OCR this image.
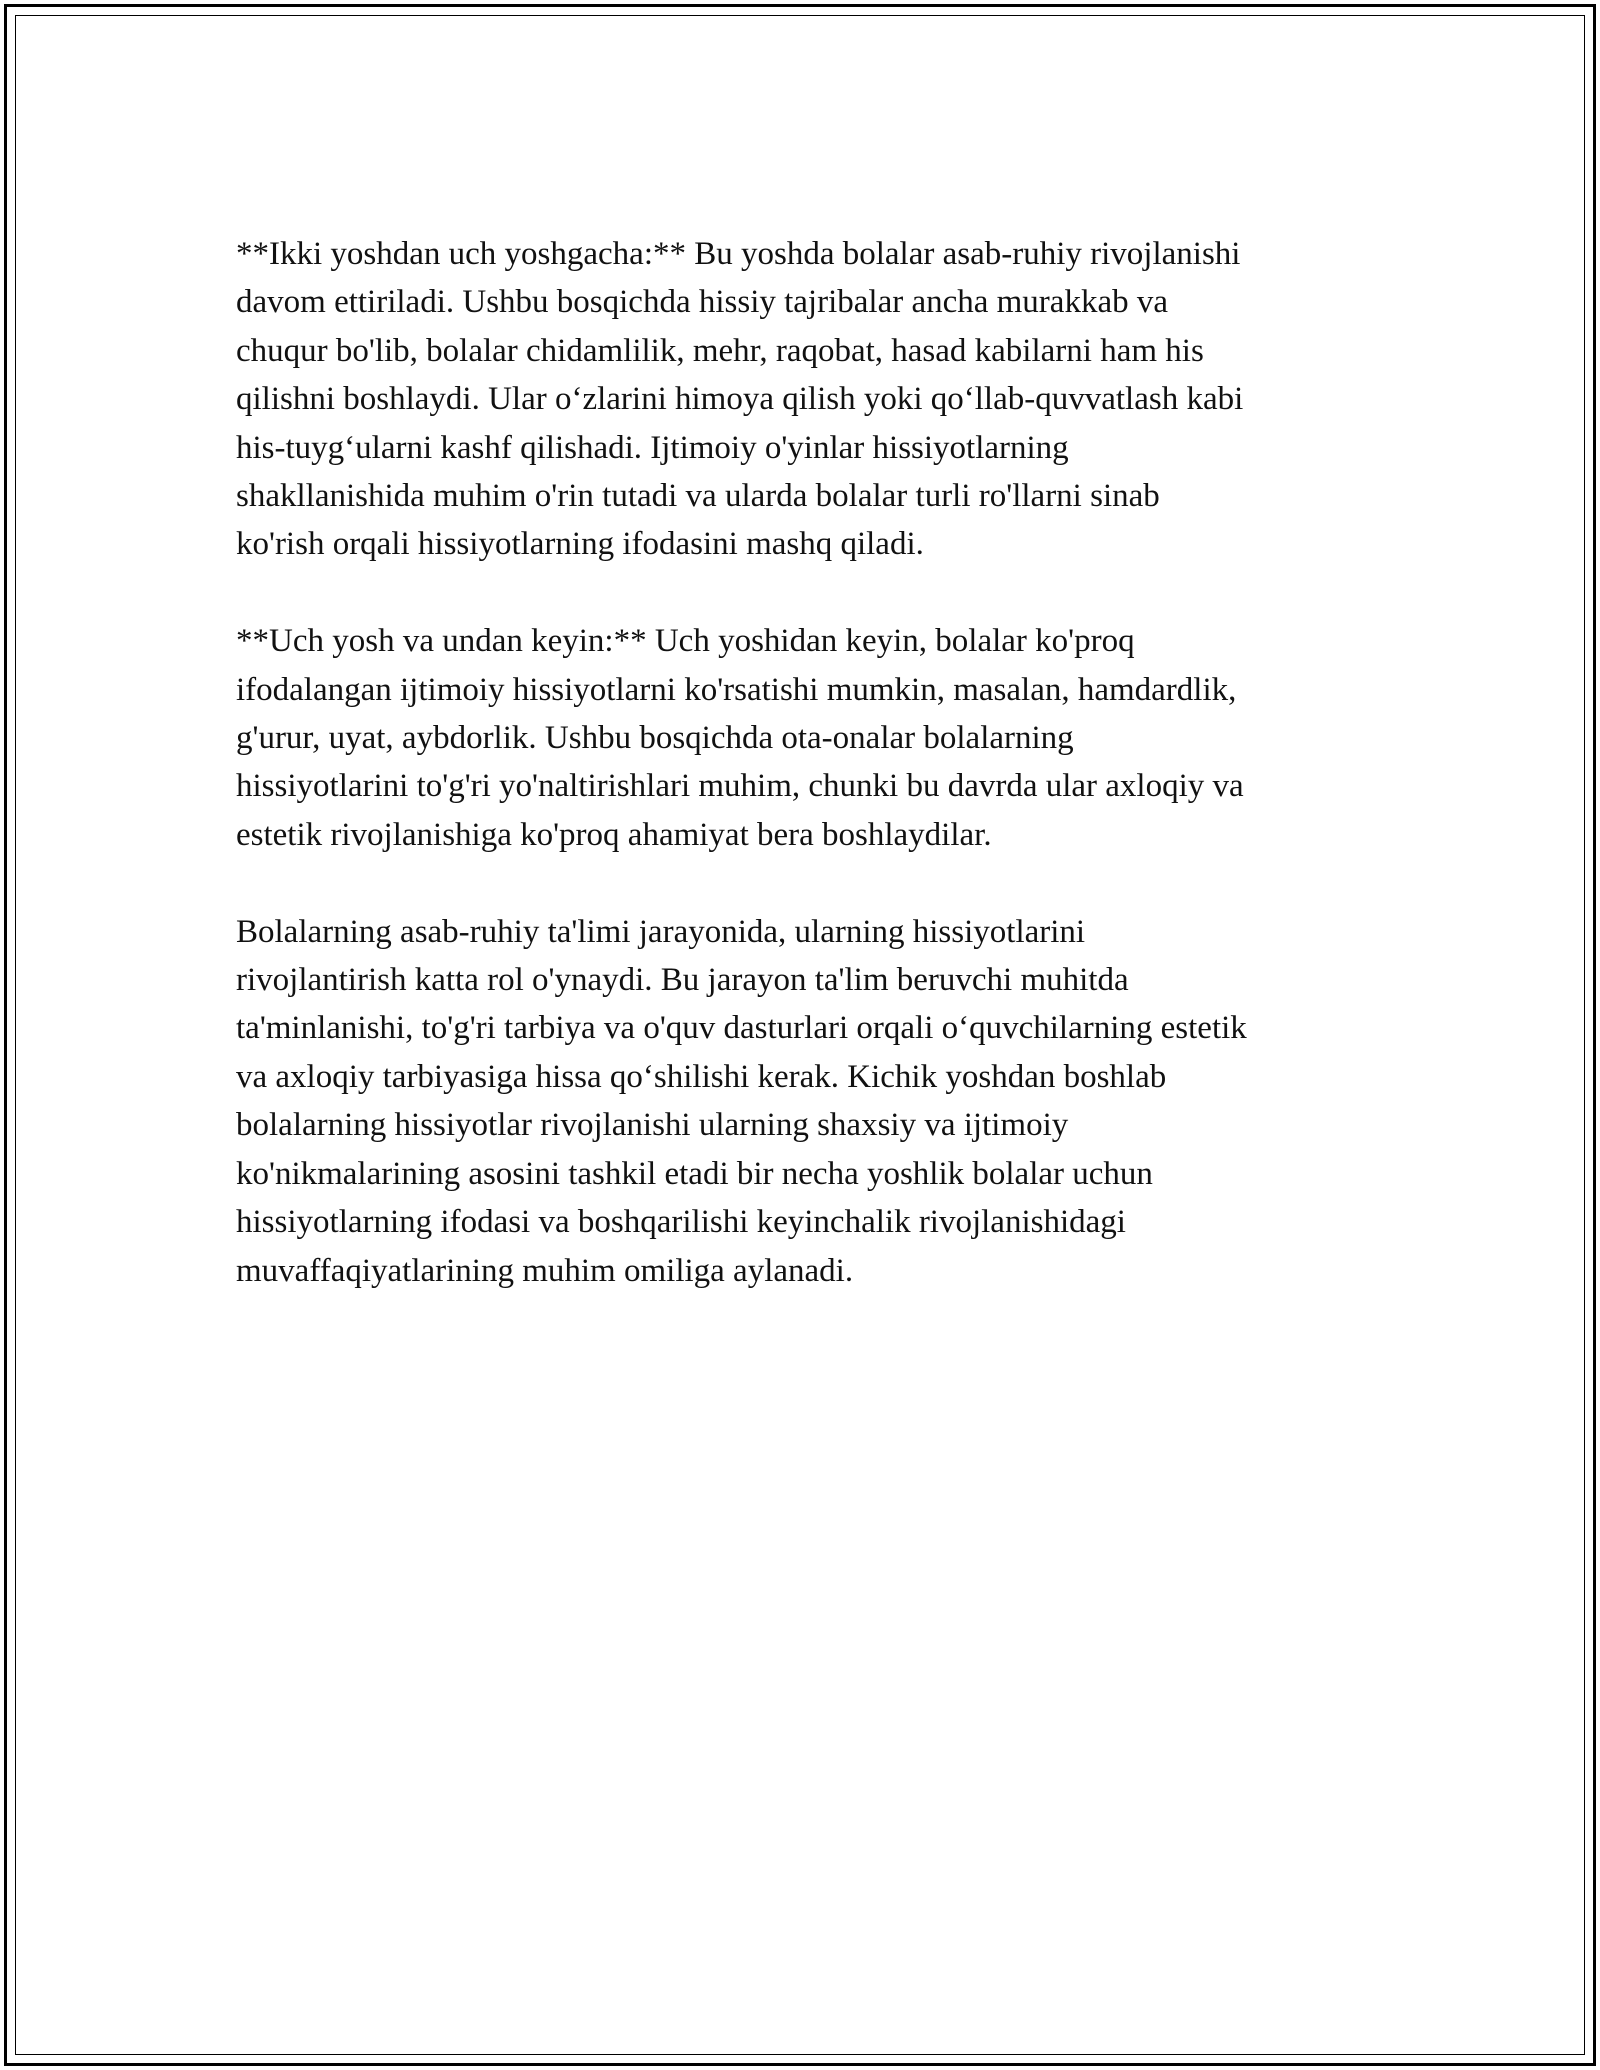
**Ikki yoshdan uch yoshgacha:** Bu yoshda bolalar asab-ruhiy rivojlanishi
davom ettiriladi. Ushbu bosqichda hissiy tajribalar ancha murakkab va
chuqur bo'lib, bolalar chidamlilik, mehr, raqobat, hasad kabilarni ham his
qilishni boshlaydi. Ular o‘zlarini himoya qilish yoki qo‘llab-quvvatlash kabi
his-tuyg‘ularni kashf qilishadi. Ijtimoiy o'yinlar hissiyotlarning
shakllanishida muhim o'rin tutadi va ularda bolalar turli ro'llarni sinab
ko'rish orqali hissiyotlarning ifodasini mashq qiladi.

**Uch yosh va undan keyin:** Uch yoshidan keyin, bolalar ko'proq
ifodalangan ijtimoiy hissiyotlarni ko'rsatishi mumkin, masalan, hamdardlik,
g'urur, uyat, aybdorlik. Ushbu bosqichda ota-onalar bolalarning
hissiyotlarini to'g'ri yo'naltirishlari muhim, chunki bu davrda ular axloqiy va
estetik rivojlanishiga ko'proq ahamiyat bera boshlaydilar.

Bolalarning asab-ruhiy ta'limi jarayonida, ularning hissiyotlarini
rivojlantirish katta rol o'ynaydi. Bu jarayon ta'lim beruvchi muhitda
ta'minlanishi, to'g'ri tarbiya va o'quv dasturlari orqali o‘quvchilarning estetik
va axloqiy tarbiyasiga hissa qo‘shilishi kerak. Kichik yoshdan boshlab
bolalarning hissiyotlar rivojlanishi ularning shaxsiy va ijtimoiy
ko'nikmalarining asosini tashkil etadi bir necha yoshlik bolalar uchun
hissiyotlarning ifodasi va boshqarilishi keyinchalik rivojlanishidagi
muvaffaqiyatlarining muhim omiliga aylanadi.
